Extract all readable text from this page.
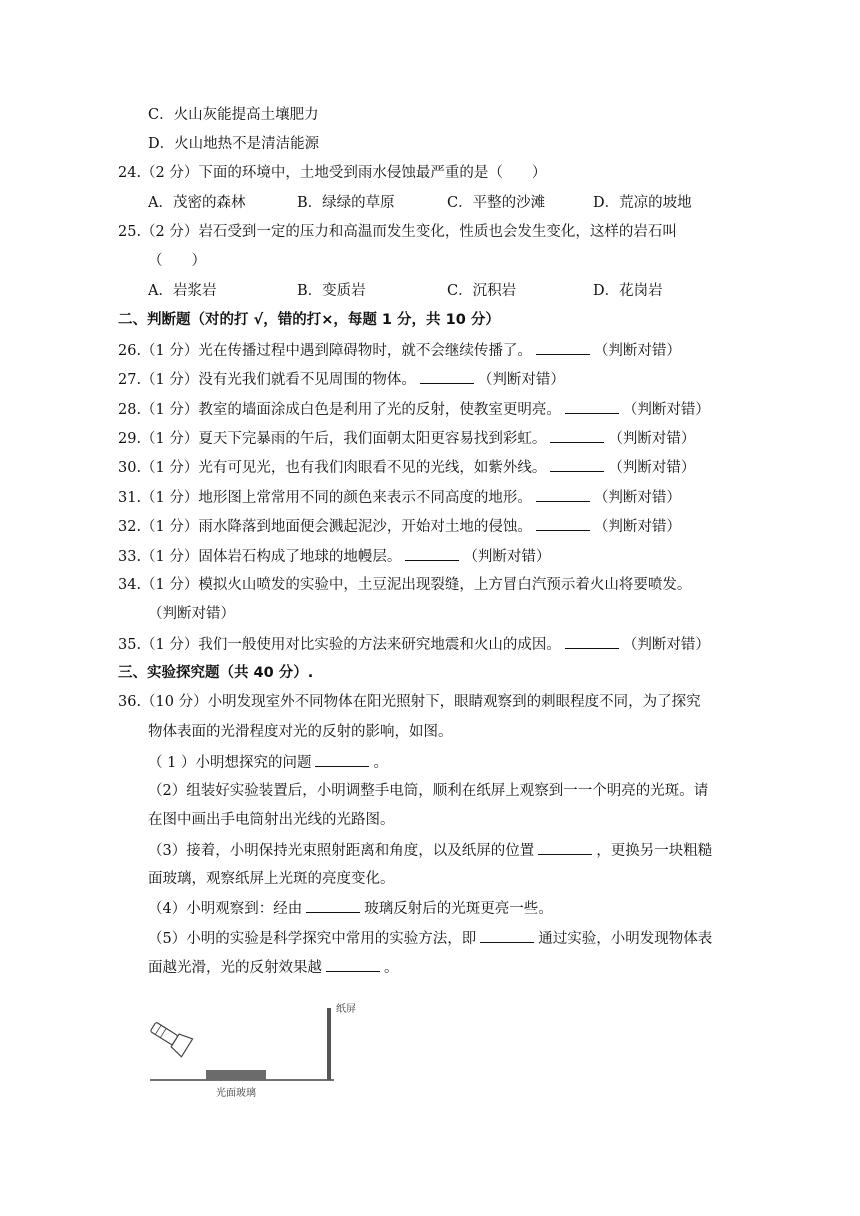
C．火山灰能提高土壤肥力
D．火山地热不是清洁能源
24.（2 分）下面的环境中，土地受到雨水侵蚀最严重的是（　　）
A．茂密的森林	B．绿绿的草原	C．平整的沙滩	D．荒凉的坡地
25.（2 分）岩石受到一定的压力和高温而发生变化，性质也会发生变化，这样的岩石叫
（　　）
A．岩浆岩	B．变质岩	C．沉积岩	D．花岗岩
二、判断题（对的打 √，错的打×，每题 1 分，共 10 分）
26.（1 分）光在传播过程中遇到障碍物时，就不会继续传播了。	（判断对错）
27.（1 分）没有光我们就看不见周围的物体。	（判断对错）
28.（1 分）教室的墙面涂成白色是利用了光的反射，使教室更明亮。	（判断对错）
29.（1 分）夏天下完暴雨的午后，我们面朝太阳更容易找到彩虹。	（判断对错）
30.（1 分）光有可见光，也有我们肉眼看不见的光线，如紫外线。	（判断对错）
31.（1 分）地形图上常常用不同的颜色来表示不同高度的地形。	（判断对错）
32.（1 分）雨水降落到地面便会溅起泥沙，开始对土地的侵蚀。	（判断对错）
33.（1 分）固体岩石构成了地球的地幔层。	（判断对错）
34.（1 分）模拟火山喷发的实验中，土豆泥出现裂缝，上方冒白汽预示着火山将要喷发。
（判断对错）
35.（1 分）我们一般使用对比实验的方法来研究地震和火山的成因。	（判断对错）
三、实验探究题（共 40 分）.
36.（10 分）小明发现室外不同物体在阳光照射下，眼睛观察到的刺眼程度不同，为了探究
物体表面的光滑程度对光的反射的影响，如图。
（ 1 ）小明想探究的问题	。
（2）组装好实验装置后，小明调整手电筒，顺利在纸屏上观察到一一个明亮的光斑。请
在图中画出手电筒射出光线的光路图。
（3）接着，小明保持光束照射距离和角度，以及纸屏的位置	，更换另一块粗糙
面玻璃，观察纸屏上光斑的亮度变化。
（4）小明观察到：经由	玻璃反射后的光斑更亮一些。
（5）小明的实验是科学探究中常用的实验方法，即	通过实验，小明发现物体表
面越光滑，光的反射效果越	。
纸屏
光面玻璃
